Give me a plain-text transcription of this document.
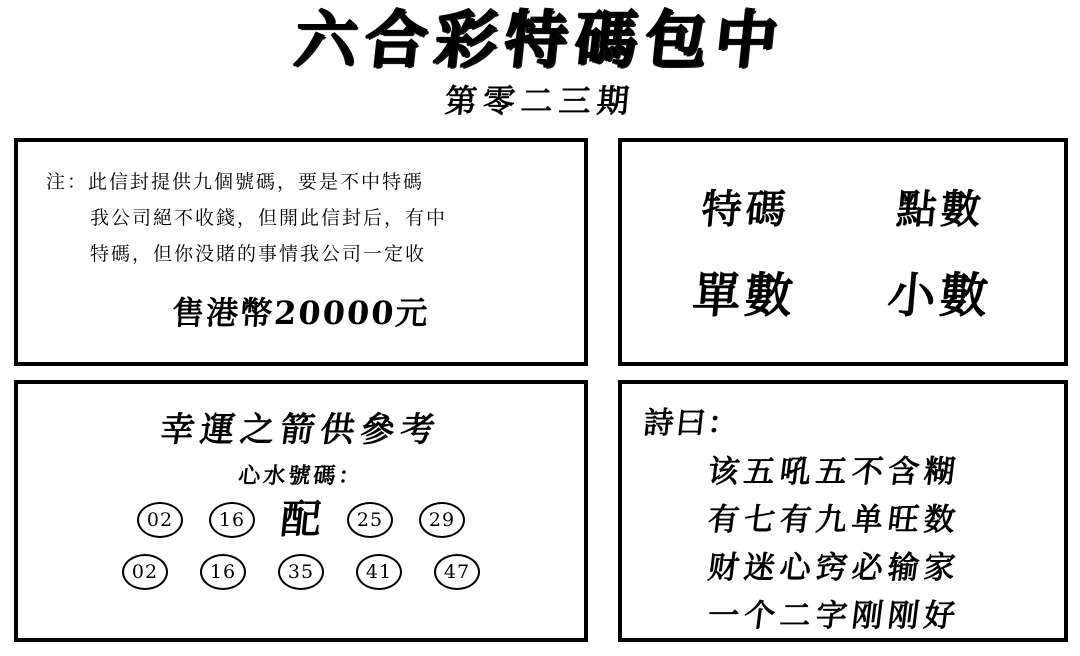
六合彩特碼包中
第零二三期
注：此信封提供九個號碼，要是不中特碼
我公司絕不收錢，但開此信封后，有中
特碼，但你没賭的事情我公司一定收
售港幣20000元
特碼	點數
單數 小數
幸運之箭供參考
心水號碼：
02	16 配	25	29
02	16	35	41	47
詩曰：
该五吼五不含糊
有七有九单旺数
财迷心窍必输家
一个二字刚刚好
